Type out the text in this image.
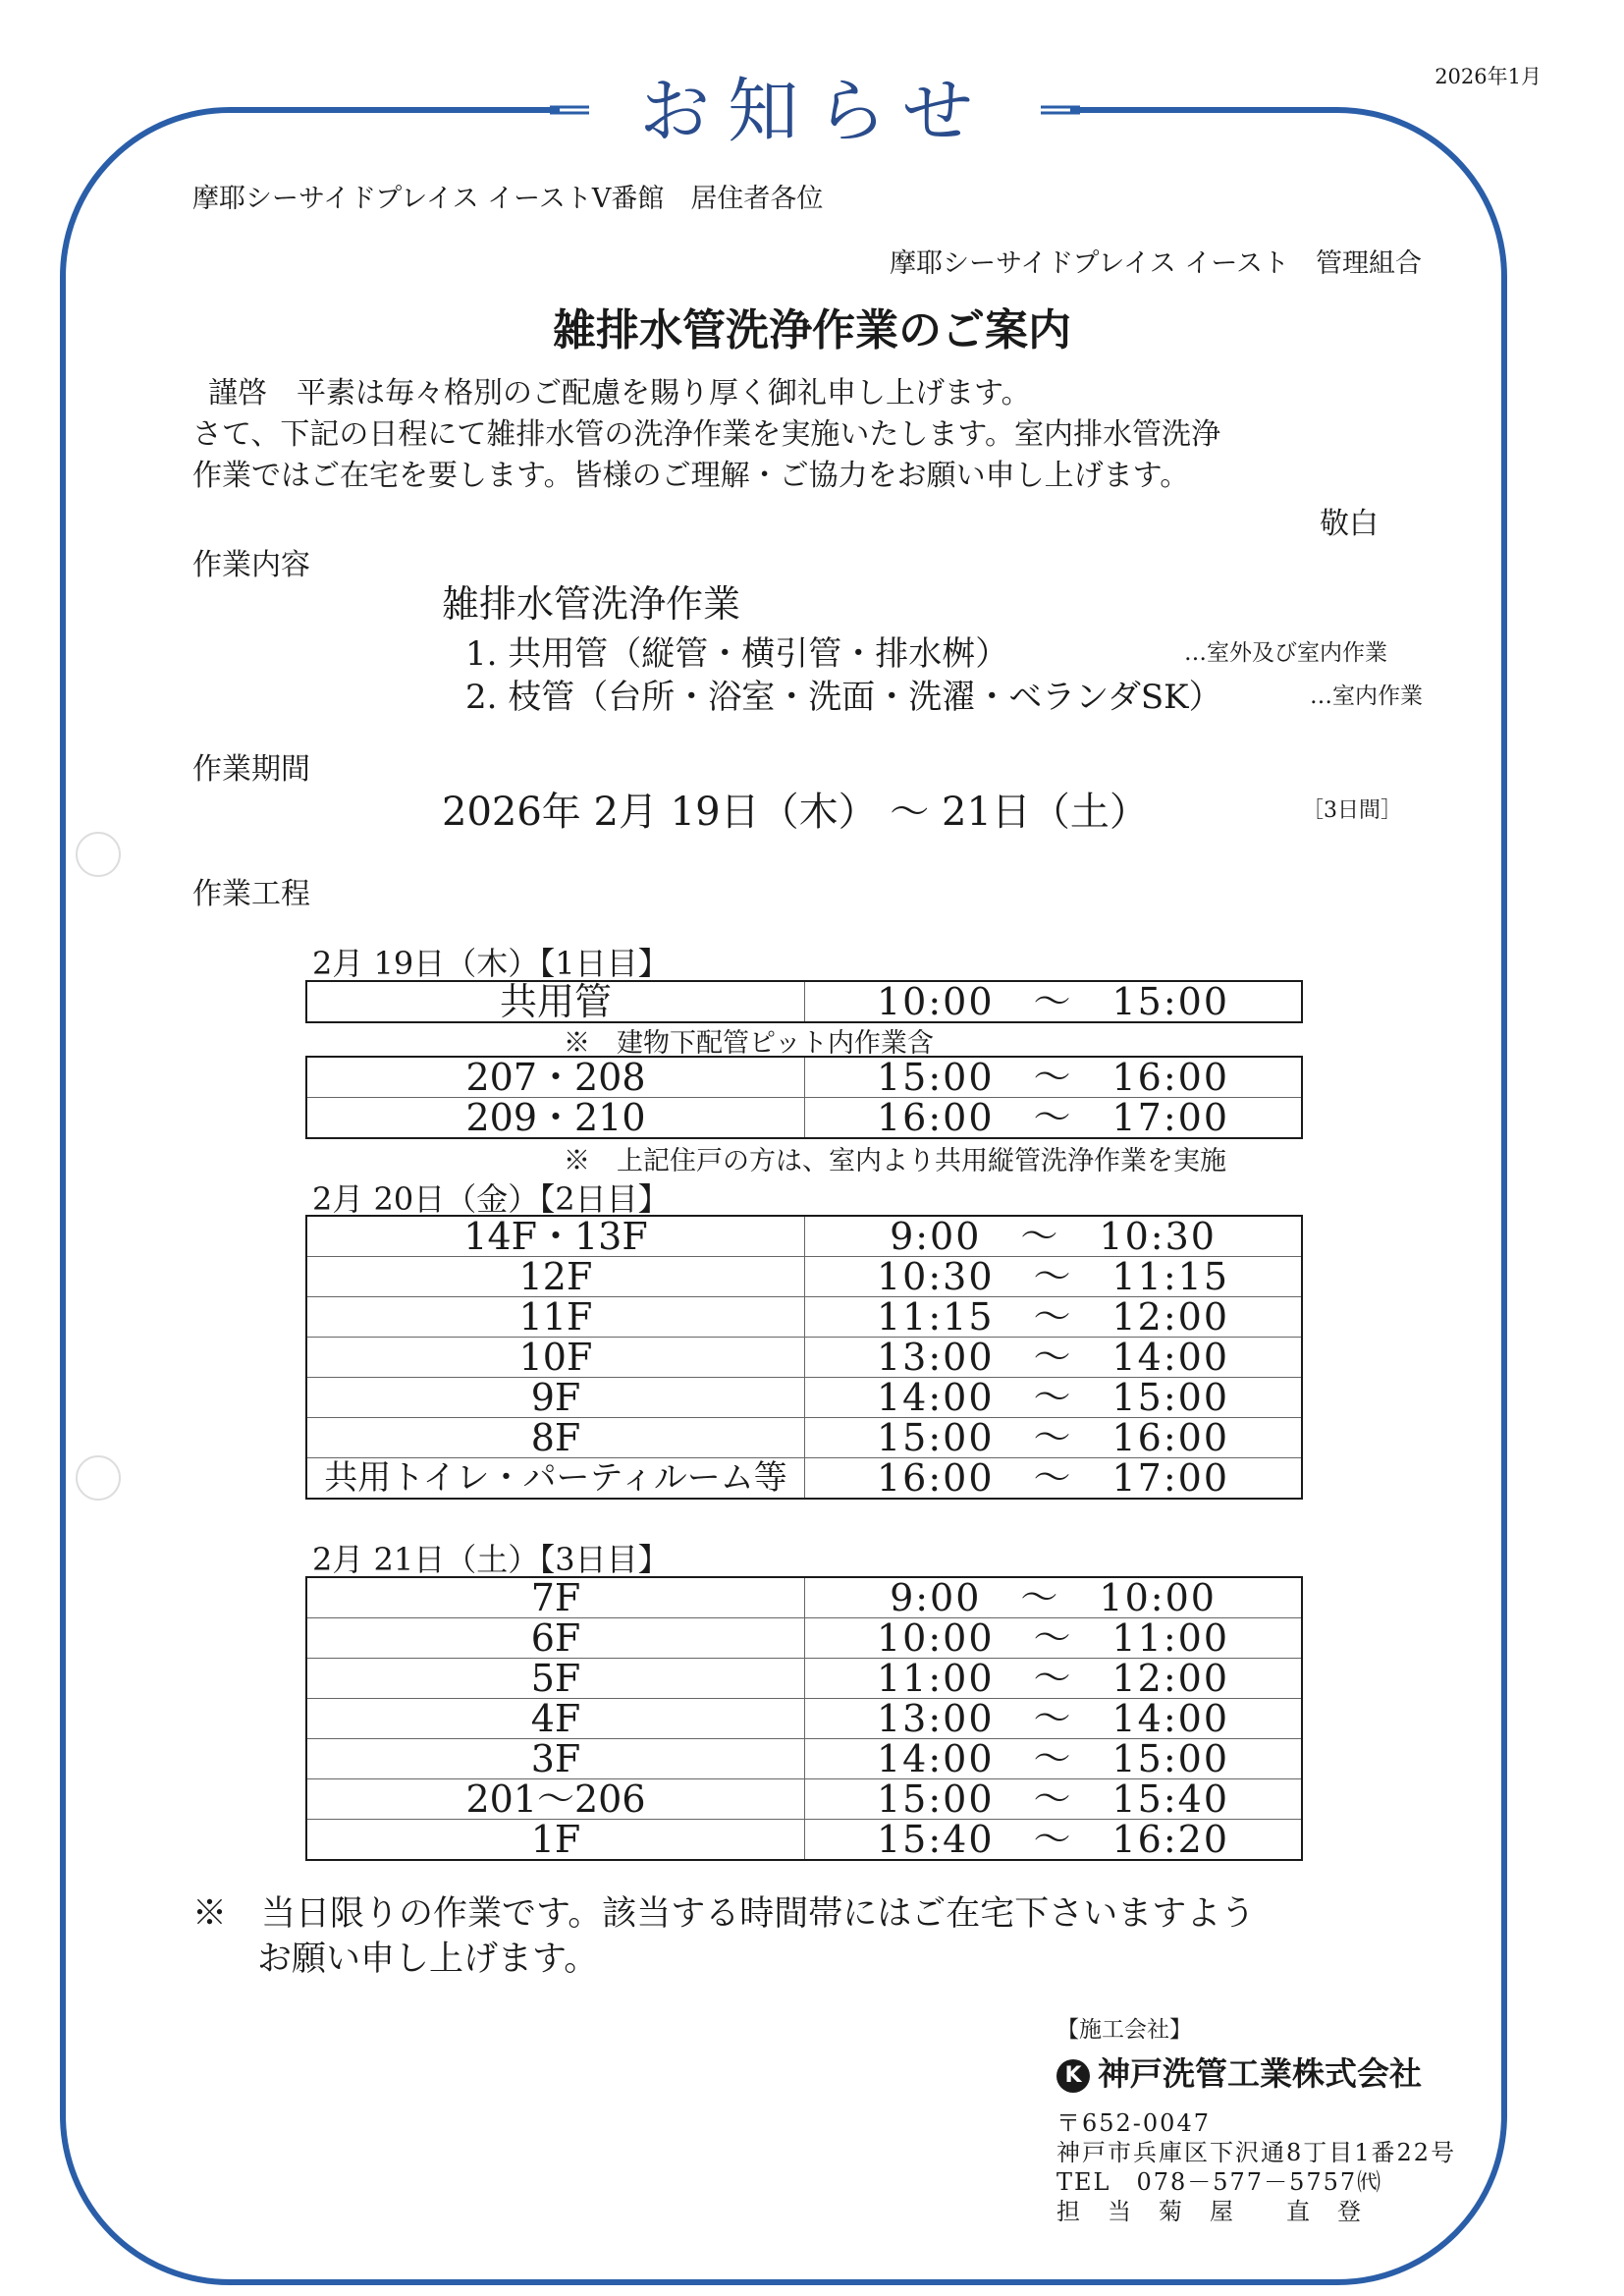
お知らせ	2026年1月
摩耶シーサイドプレイス イーストⅤ番館　居住者各位
摩耶シーサイドプレイス イースト　管理組合
雑排水管洗浄作業のご案内
謹啓　平素は毎々格別のご配慮を賜り厚く御礼申し上げます。
さて、下記の日程にて雑排水管の洗浄作業を実施いたします。室内排水管洗浄
作業ではご在宅を要します。皆様のご理解・ご協力をお願い申し上げます。
敬白
作業内容
雑排水管洗浄作業
1. 共用管（縦管・横引管・排水桝）	…室外及び室内作業
2. 枝管（台所・浴室・洗面・洗濯・ベランダSK）	…室内作業
作業期間
2026年 2月 19日（木） ～ 21日（土）	［3日間］
作業工程
2月 19日（木）【1日目】
共用管	10:00　～　15:00
※　建物下配管ピット内作業含
207・208	15:00　～　16:00
209・210	16:00　～　17:00
※　上記住戸の方は、室内より共用縦管洗浄作業を実施
2月 20日（金）【2日目】
14F・13F	9:00　～　10:30
12F	10:30　～　11:15
11F	11:15　～　12:00
10F	13:00　～　14:00
9F	14:00　～　15:00
8F	15:00　～　16:00
共用トイレ・パーティルーム等	16:00　～　17:00
2月 21日（土）【3日目】
7F	9:00　～　10:00
6F	10:00　～　11:00
5F	11:00　～　12:00
4F	13:00　～　14:00
3F	14:00　～　15:00
201～206	15:00　～　15:40
1F	15:40　～　16:20
※　当日限りの作業です。該当する時間帯にはご在宅下さいますよう
お願い申し上げます。
【施工会社】
K 神戸洗管工業株式会社
〒652-0047
神戸市兵庫区下沢通8丁目1番22号
TEL　078－577－5757㈹
担　当　菊　屋　　直　登
